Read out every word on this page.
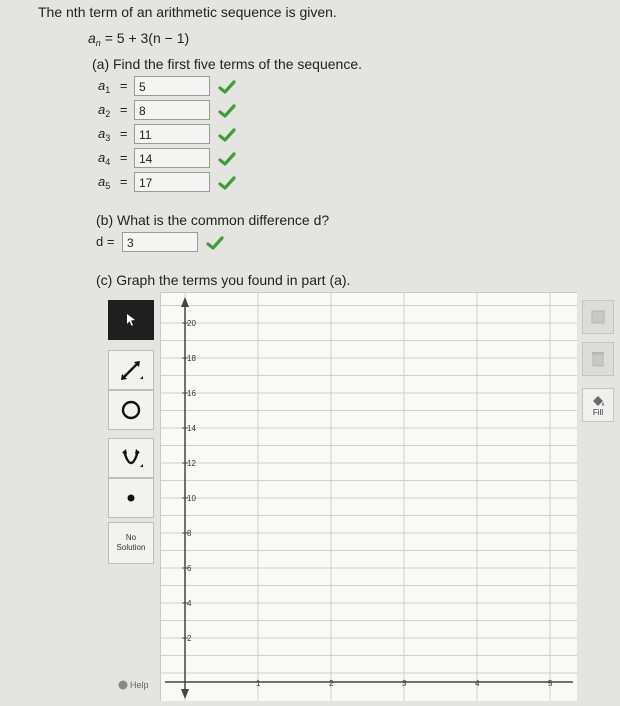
The nth term of an arithmetic sequence is given.
$a_n = 5 + 3(n - 1)$
(a) Find the first five terms of the sequence.
$a_1 = 5$
$a_2 = 8$
$a_3 = 11$
$a_4 = 14$
$a_5 = 17$
(b) What is the common difference d?
d =	3
(c) Graph the terms you found in part (a).
No
Solution
Help
20
18
16
14
12
10
8
6
4
2
1	2	3	4	5
Fill
